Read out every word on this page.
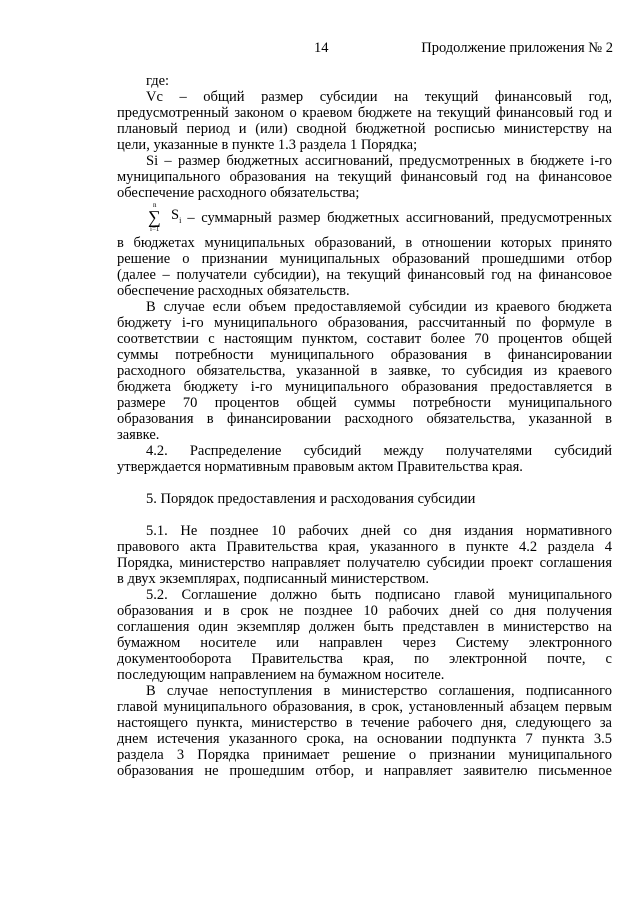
14	Продолжение приложения № 2

где:

Vc – общий размер субсидии на текущий финансовый год,

предусмотренный законом о краевом бюджете на текущий финансовый год и

плановый период и (или) сводной бюджетной росписью министерству на

цели, указанные в пункте 1.3 раздела 1 Порядка;

Si – размер бюджетных ассигнований, предусмотренных в бюджете i-го

муниципального образования на текущий финансовый год на финансовое

обеспечение расходного обязательства;

n
∑
i=1
$S_i$ – суммарный размер бюджетных ассигнований, предусмотренных

в бюджетах муниципальных образований, в отношении которых принято

решение о признании муниципальных образований прошедшими отбор

(далее – получатели субсидии), на текущий финансовый год на финансовое

обеспечение расходных обязательств.

В случае если объем предоставляемой субсидии из краевого бюджета

бюджету i-го муниципального образования, рассчитанный по формуле в

соответствии с настоящим пунктом, составит более 70 процентов общей

суммы потребности муниципального образования в финансировании

расходного обязательства, указанной в заявке, то субсидия из краевого

бюджета бюджету i-го муниципального образования предоставляется в

размере 70 процентов общей суммы потребности муниципального

образования в финансировании расходного обязательства, указанной в

заявке.

4.2. Распределение субсидий между получателями субсидий

утверждается нормативным правовым актом Правительства края.

5. Порядок предоставления и расходования субсидии

5.1. Не позднее 10 рабочих дней со дня издания нормативного

правового акта Правительства края, указанного в пункте 4.2 раздела 4

Порядка, министерство направляет получателю субсидии проект соглашения

в двух экземплярах, подписанный министерством.

5.2. Соглашение должно быть подписано главой муниципального

образования и в срок не позднее 10 рабочих дней со дня получения

соглашения один экземпляр должен быть представлен в министерство на

бумажном носителе или направлен через Систему электронного

документооборота Правительства края, по электронной почте, с

последующим направлением на бумажном носителе.

В случае непоступления в министерство соглашения, подписанного

главой муниципального образования, в срок, установленный абзацем первым

настоящего пункта, министерство в течение рабочего дня, следующего за

днем истечения указанного срока, на основании подпункта 7 пункта 3.5

раздела 3 Порядка принимает решение о признании муниципального

образования не прошедшим отбор, и направляет заявителю письменное
